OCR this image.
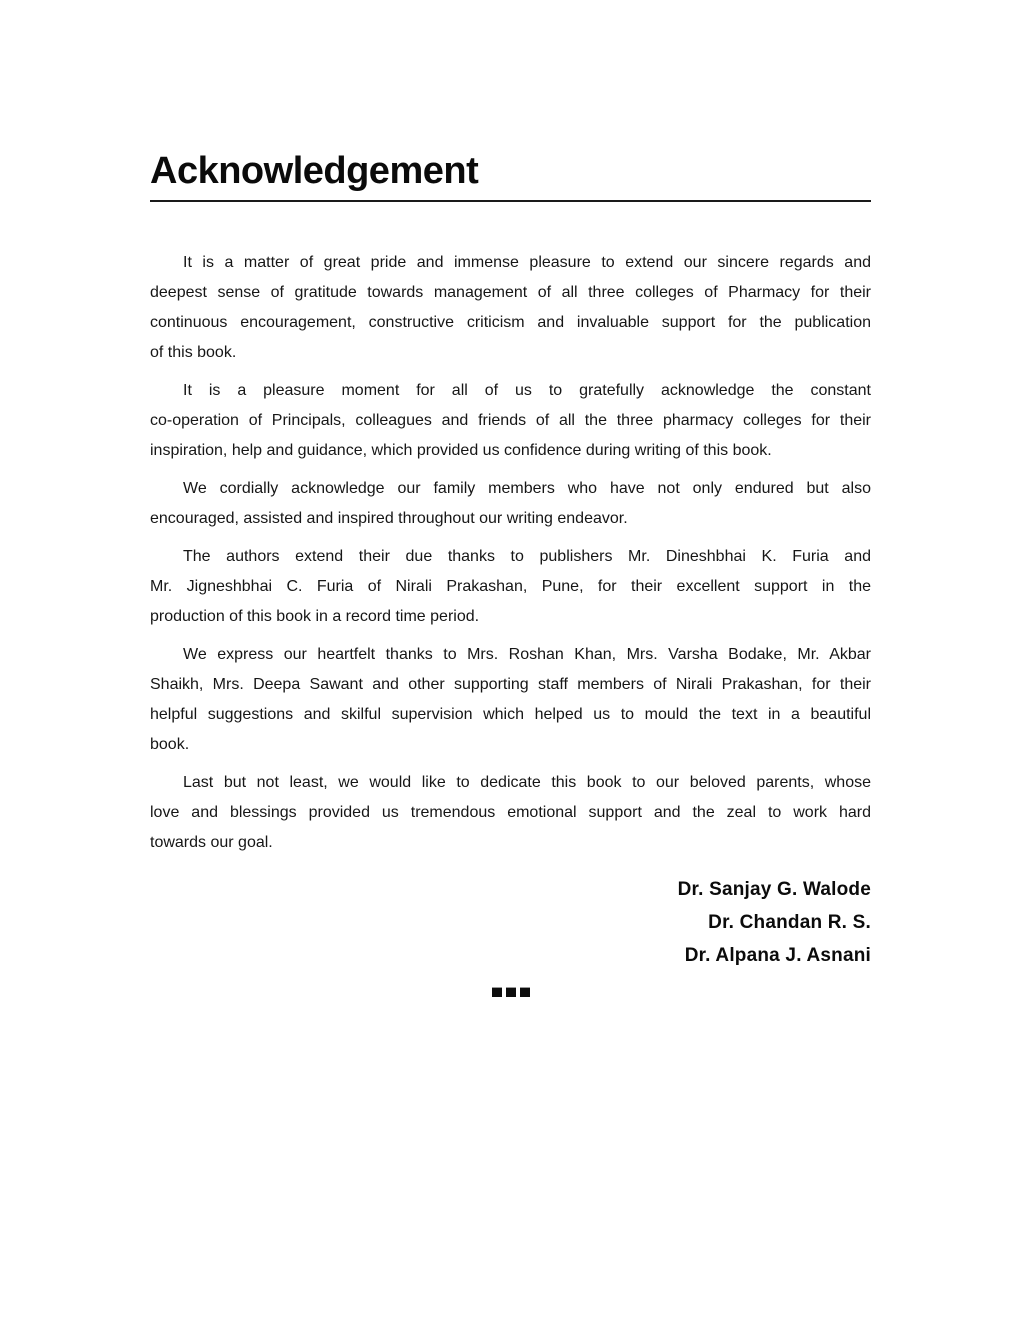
Acknowledgement
It is a matter of great pride and immense pleasure to extend our sincere regards and
deepest sense of gratitude towards management of all three colleges of Pharmacy for their
continuous encouragement, constructive criticism and invaluable support for the publication
of this book.
It is a pleasure moment for all of us to gratefully acknowledge the constant
co-operation of Principals, colleagues and friends of all the three pharmacy colleges for their
inspiration, help and guidance, which provided us confidence during writing of this book.
We cordially acknowledge our family members who have not only endured but also
encouraged, assisted and inspired throughout our writing endeavor.
The authors extend their due thanks to publishers Mr. Dineshbhai K. Furia and
Mr. Jigneshbhai C. Furia of Nirali Prakashan, Pune, for their excellent support in the
production of this book in a record time period.
We express our heartfelt thanks to Mrs. Roshan Khan, Mrs. Varsha Bodake, Mr. Akbar
Shaikh, Mrs. Deepa Sawant and other supporting staff members of Nirali Prakashan, for their
helpful suggestions and skilful supervision which helped us to mould the text in a beautiful
book.
Last but not least, we would like to dedicate this book to our beloved parents, whose
love and blessings provided us tremendous emotional support and the zeal to work hard
towards our goal.
Dr. Sanjay G. Walode
Dr. Chandan R. S.
Dr. Alpana J. Asnani
